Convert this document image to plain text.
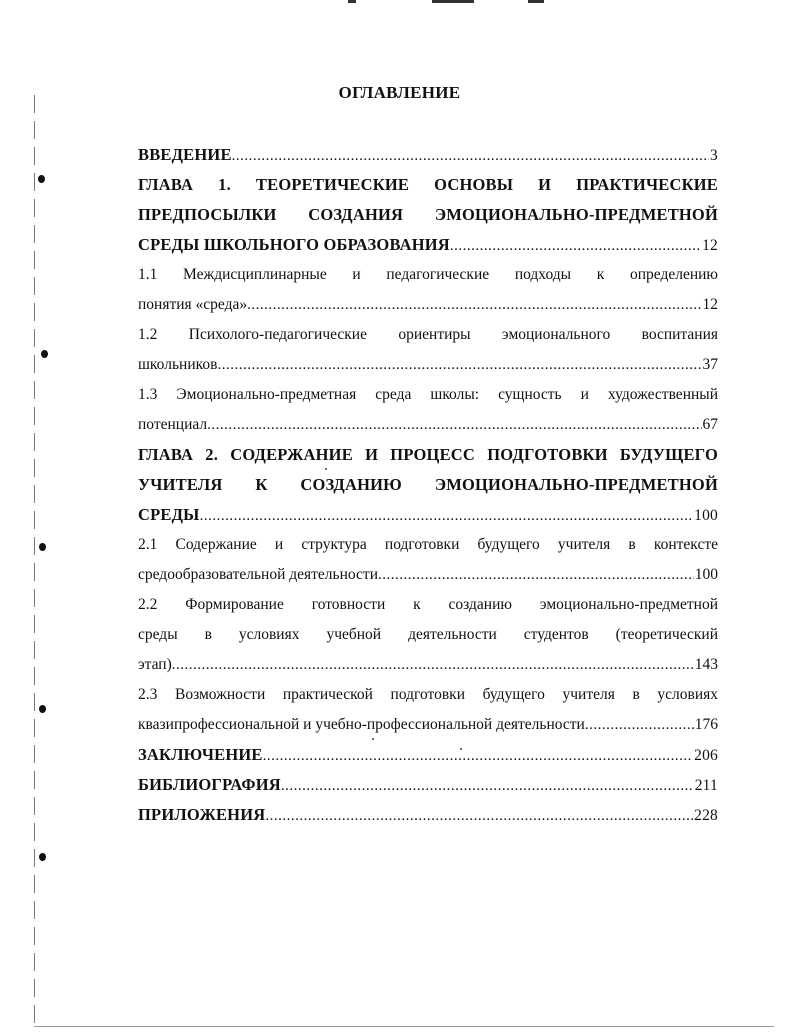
ОГЛАВЛЕНИЕ
ВВЕДЕНИЕ .....	3
ГЛАВА 1. ТЕОРЕТИЧЕСКИЕ ОСНОВЫ И ПРАКТИЧЕСКИЕ
ПРЕДПОСЫЛКИ СОЗДАНИЯ ЭМОЦИОНАЛЬНО-ПРЕДМЕТНОЙ
СРЕДЫ ШКОЛЬНОГО ОБРАЗОВАНИЯ .....	12
1.1 Междисциплинарные и педагогические подходы к определению
понятия «среда» .....	12
1.2 Психолого-педагогические ориентиры эмоционального воспитания
школьников .....	37
1.3 Эмоционально-предметная среда школы: сущность и художественный
потенциал .....	67
ГЛАВА 2. СОДЕРЖАНИЕ И ПРОЦЕСС ПОДГОТОВКИ БУДУЩЕГО
УЧИТЕЛЯ К СОЗДАНИЮ ЭМОЦИОНАЛЬНО-ПРЕДМЕТНОЙ
СРЕДЫ .....	100
2.1 Содержание и структура подготовки будущего учителя в контексте
средообразовательной деятельности .....	100
2.2 Формирование готовности к созданию эмоционально-предметной
среды в условиях учебной деятельности студентов (теоретический
этап) .....	143
2.3 Возможности практической подготовки будущего учителя в условиях
квазипрофессиональной и учебно-профессиональной деятельности .....	176
ЗАКЛЮЧЕНИЕ .....	206
БИБЛИОГРАФИЯ .....	211
ПРИЛОЖЕНИЯ .....	228
